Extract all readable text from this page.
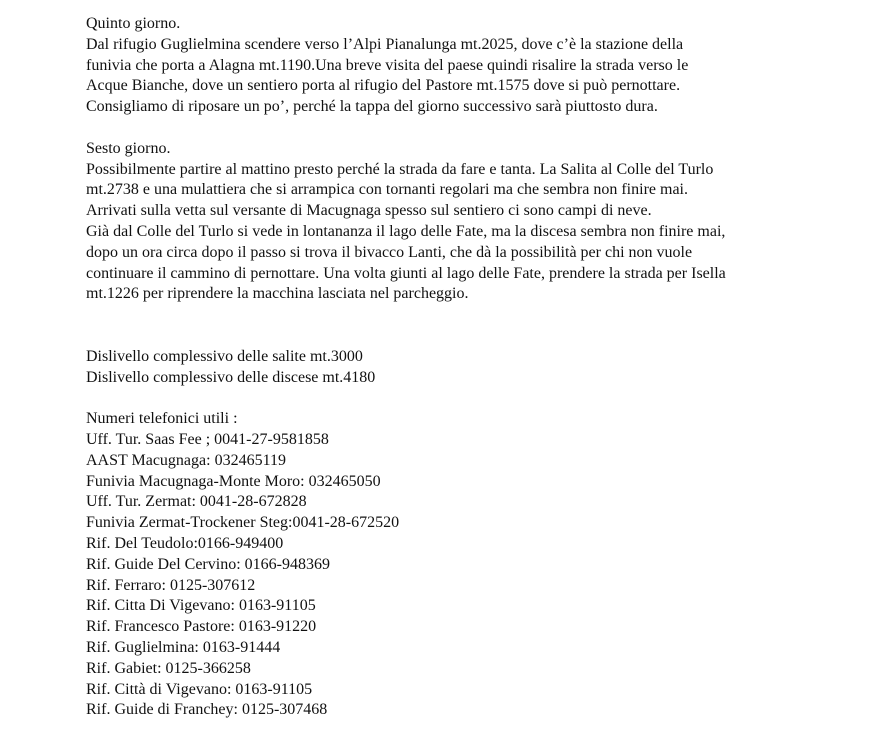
Quinto giorno.
Dal rifugio Guglielmina scendere verso l’Alpi Pianalunga mt.2025, dove c’è la stazione della
funivia che porta a Alagna mt.1190.Una breve visita del paese quindi risalire la strada verso le
Acque Bianche, dove un sentiero porta al rifugio del Pastore mt.1575 dove si può pernottare.
Consigliamo di riposare un po’, perché la tappa del giorno successivo sarà piuttosto dura.
Sesto giorno.
Possibilmente partire al mattino presto perché la strada da fare e tanta. La Salita al Colle del Turlo
mt.2738 e una mulattiera che si arrampica con tornanti regolari ma che sembra non finire mai.
Arrivati sulla vetta sul versante di Macugnaga spesso sul sentiero ci sono campi di neve.
Già dal Colle del Turlo si vede in lontananza il lago delle Fate, ma la discesa sembra non finire mai,
dopo un ora circa dopo il passo si trova il bivacco Lanti, che dà la possibilità per chi non vuole
continuare il cammino di pernottare. Una volta giunti al lago delle Fate, prendere la strada per Isella
mt.1226 per riprendere la macchina lasciata nel parcheggio.
Dislivello complessivo delle salite mt.3000
Dislivello complessivo delle discese mt.4180
Numeri telefonici utili :
Uff. Tur. Saas Fee ; 0041-27-9581858
AAST Macugnaga: 032465119
Funivia Macugnaga-Monte Moro: 032465050
Uff. Tur. Zermat: 0041-28-672828
Funivia Zermat-Trockener Steg:0041-28-672520
Rif. Del Teudolo:0166-949400
Rif. Guide Del Cervino: 0166-948369
Rif. Ferraro: 0125-307612
Rif. Citta Di Vigevano: 0163-91105
Rif. Francesco Pastore: 0163-91220
Rif. Guglielmina: 0163-91444
Rif. Gabiet: 0125-366258
Rif. Città di Vigevano: 0163-91105
Rif. Guide di Franchey: 0125-307468
